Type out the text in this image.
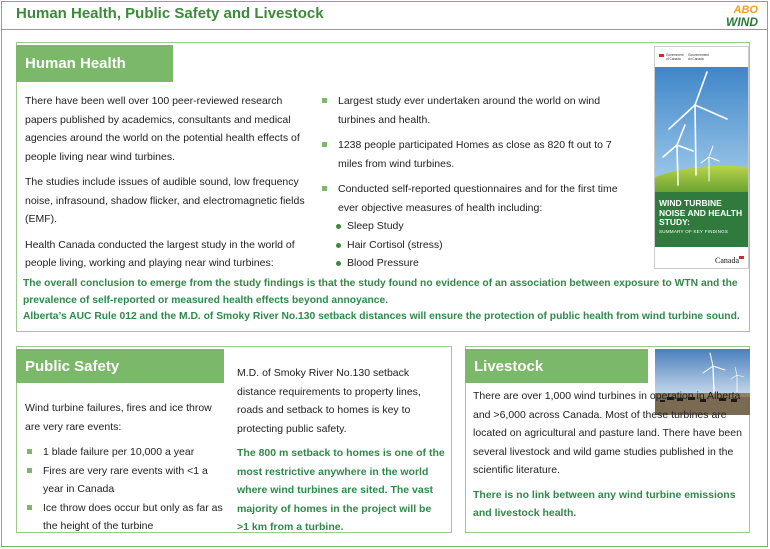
Human Health, Public Safety and Livestock	ABO
WIND
Human Health

There have been well over 100 peer-reviewed research papers published by academics, consultants and medical agencies around the world on the potential health effects of people living near wind turbines.

The studies include issues of audible sound, low frequency noise, infrasound, shadow flicker, and electromagnetic fields (EMF).

Health Canada conducted the largest study in the world of people living, working and playing near wind turbines:

Largest study ever undertaken around the world on wind turbines and health.
1238 people participated Homes as close as 820 ft out to 7 miles from wind turbines.
Conducted self-reported questionnaires and for the first time ever objective measures of health including:
Sleep Study
Hair Cortisol (stress)
Blood Pressure
Government of Canada
Gouvernement du Canada
WIND TURBINE NOISE AND HEALTH STUDY:
SUMMARY OF KEY FINDINGS
Canada
The overall conclusion to emerge from the study findings is that the study found no evidence of an association between exposure to WTN and the prevalence of self-reported or measured health effects beyond annoyance.
Alberta’s AUC Rule 012 and the M.D. of Smoky River No.130 setback distances will ensure the protection of public health from wind turbine sound.
Public Safety

Wind turbine failures, fires and ice throw are very rare events:

1 blade failure per 10,000 a year
Fires are very rare events with <1 a year in Canada
Ice throw does occur but only as far as the height of the turbine

M.D. of Smoky River No.130 setback distance requirements to property lines, roads and setback to homes is key to protecting public safety.

The 800 m setback to homes is one of the most restrictive anywhere in the world where wind turbines are sited. The vast majority of homes in the project will be >1 km from a turbine.

Livestock

There are over 1,000 wind turbines in operation in Alberta and >6,000 across Canada. Most of these turbines are located on agricultural and pasture land. There have been several livestock and wild game studies published in the scientific literature.

There is no link between any wind turbine emissions and livestock health.
